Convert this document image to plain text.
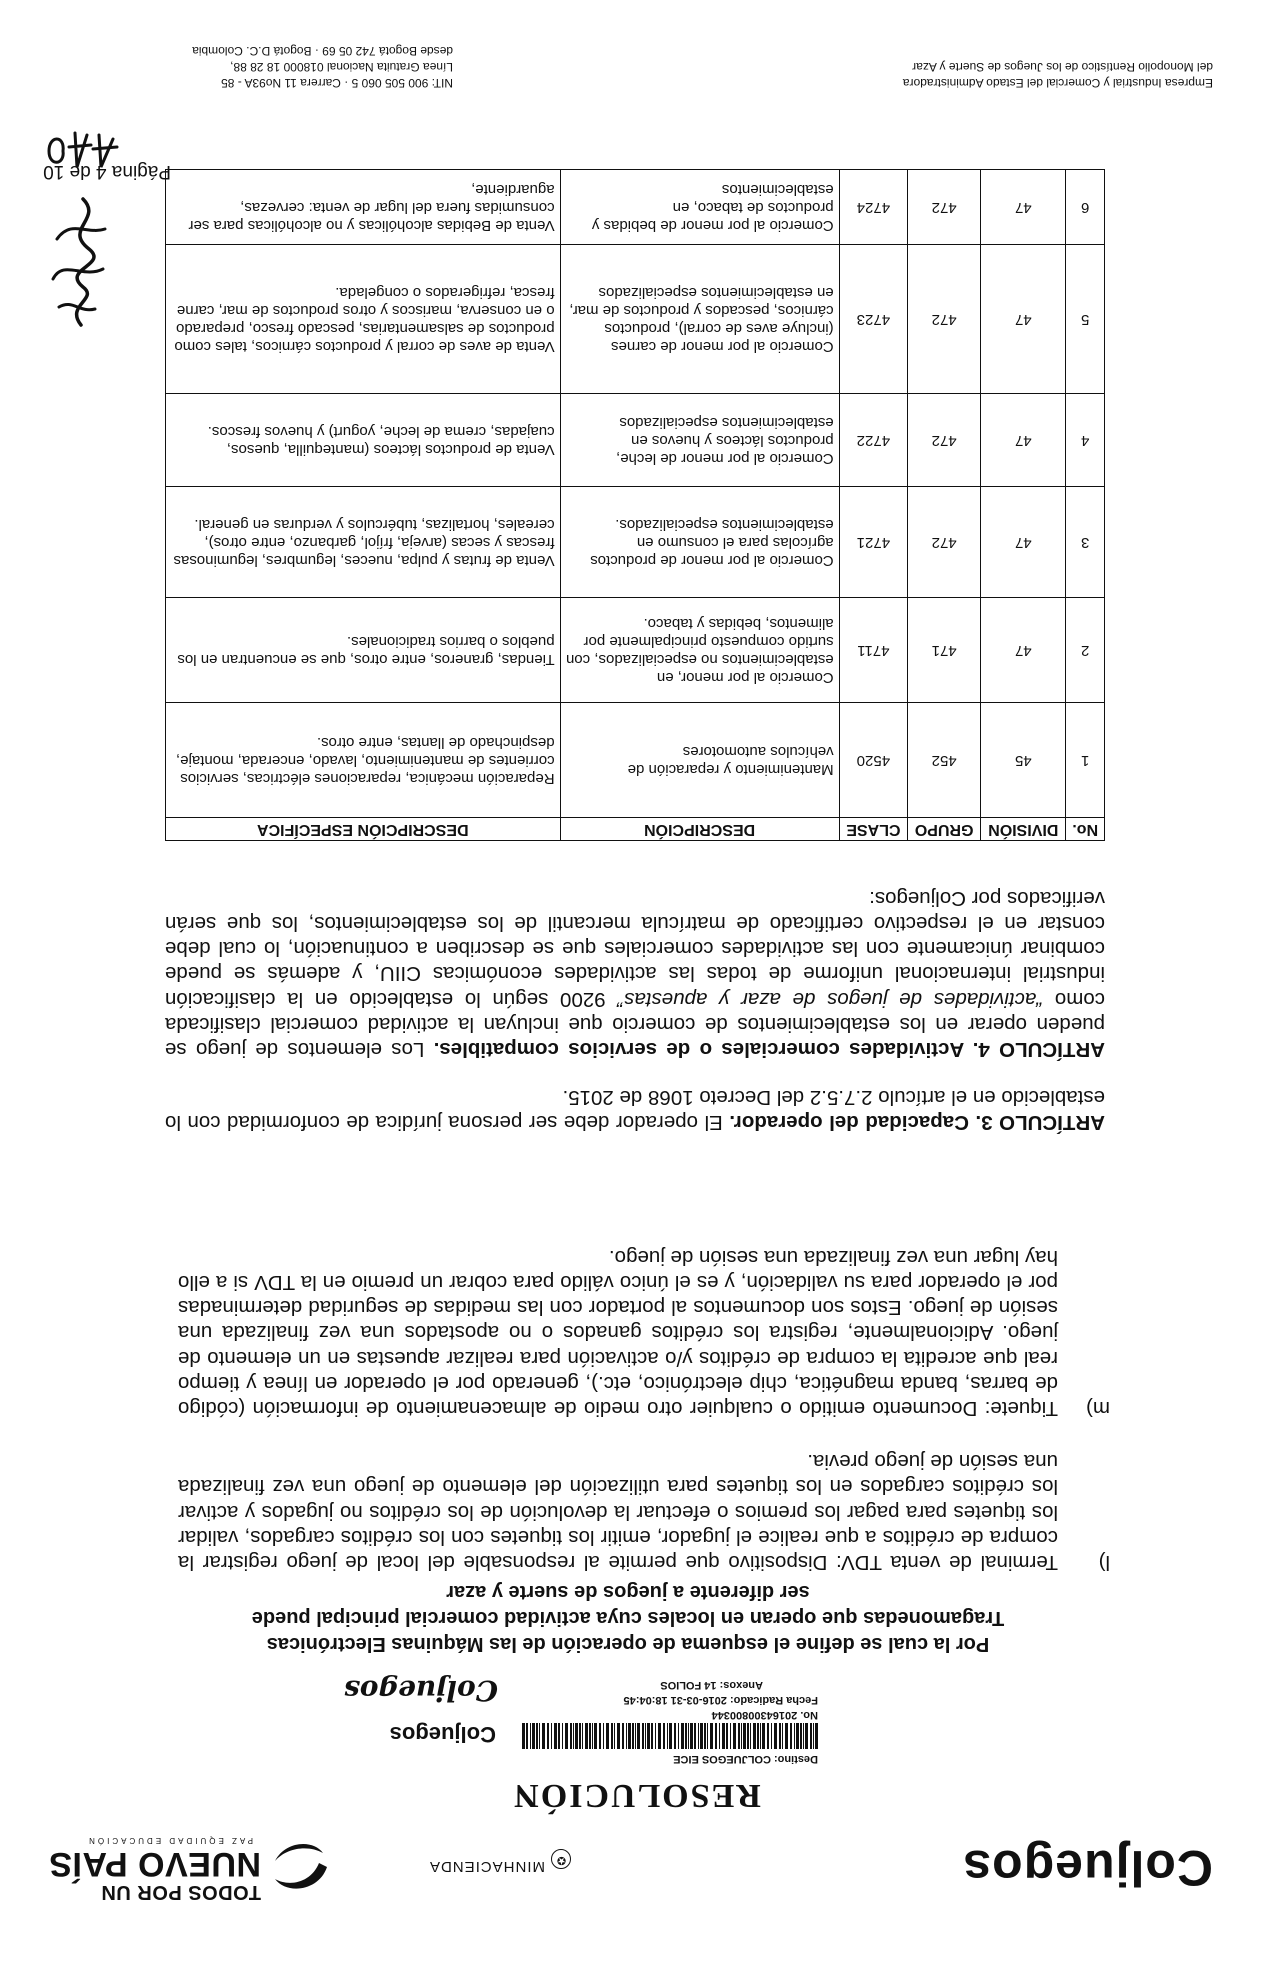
Coljuegos
✪MINHACIENDA
TODOS POR UN
NUEVO PAÍS
PAZ EQUIDAD EDUCACIÓN
RESOLUCIÓN
Destino: COLJUEGOS EICE
No. 20164300800344
Fecha Radicado: 2016-03-31 18:04:45
Anexos: 14 FOLIOS
Coljuegos
Coljuegos
Por la cual se define el esquema de operación de las Máquinas Electrónicas Tragamonedas que operan en locales cuya actividad comercial principal puede ser diferente a juegos de suerte y azar
l)
Terminal de venta TDV: Dispositivo que permite al responsable del local de juego registrar la compra de créditos a que realice el jugador, emitir los tiquetes con los créditos cargados, validar los tiquetes para pagar los premios o efectuar la devolución de los créditos no jugados y activar los créditos cargados en los tiquetes para utilización del elemento de juego una vez finalizada una sesión de juego previa.
m)
Tiquete: Documento emitido o cualquier otro medio de almacenamiento de información (código de barras, banda magnética, chip electrónico, etc.), generado por el operador en línea y tiempo real que acredita la compra de créditos y/o activación para realizar apuestas en un elemento de juego. Adicionalmente, registra los créditos ganados o no apostados una vez finalizada una sesión de juego. Estos son documentos al portador con las medidas de seguridad determinadas por el operador para su validación, y es el único válido para cobrar un premio en la TDV si a ello hay lugar una vez finalizada una sesión de juego.
ARTÍCULO 3. Capacidad del operador. El operador debe ser persona jurídica de conformidad con lo establecido en el artículo 2.7.5.2 del Decreto 1068 de 2015.
ARTÍCULO 4. Actividades comerciales o de servicios compatibles. Los elementos de juego se pueden operar en los establecimientos de comercio que incluyan la actividad comercial clasificada como “actividades de juegos de azar y apuestas” 9200 según lo establecido en la clasificación industrial internacional uniforme de todas las actividades económicas CIIU, y además se puede combinar únicamente con las actividades comerciales que se describen a continuación, lo cual debe constar en el respectivo certificado de matrícula mercantil de los establecimientos, los que serán verificados por Coljuegos:
No.	DIVISIÓN	GRUPO	CLASE	DESCRIPCIÓN	DESCRIPCIÓN ESPECÍFICA
1	45	452	4520	Mantenimiento y reparación de vehículos automotores	Reparación mecánica, reparaciones eléctricas, servicios corrientes de mantenimiento, lavado, encerada, montaje, despinchado de llantas, entre otros.
2	47	471	4711	Comercio al por menor, en establecimientos no especializados, con surtido compuesto principalmente por alimentos, bebidas y tabaco.	Tiendas, graneros, entre otros, que se encuentran en los pueblos o barrios tradicionales.
3	47	472	4721	Comercio al por menor de productos agrícolas para el consumo en establecimientos especializados.	Venta de frutas y pulpa, nueces, legumbres, leguminosas frescas y secas (arveja, fríjol, garbanzo, entre otros), cereales, hortalizas, tubérculos y verduras en general.
4	47	472	4722	Comercio al por menor de leche, productos lácteos y huevos en establecimientos especializados	Venta de productos lácteos (mantequilla, quesos, cuajadas, crema de leche, yogurt) y huevos frescos.
5	47	472	4723	Comercio al por menor de carnes (incluye aves de corral), productos cárnicos, pescados y productos de mar, en establecimientos especializados	Venta de aves de corral y productos cárnicos, tales como productos de salsamentarias, pescado fresco, preparado o en conserva, mariscos y otros productos de mar, carne fresca, refrigerados o congelada.
6	47	472	4724	Comercio al por menor de bebidas y productos de tabaco, en establecimientos	Venta de Bebidas alcohólicas y no alcohólicas para ser consumidas fuera del lugar de venta: cervezas, aguardiente,
Página 4 de 10
Empresa Industrial y Comercial del Estado Administradora
del Monopolio Rentístico de los Juegos de Suerte y Azar
NIT: 900 505 060 5 · Carrera 11 No93A - 85
Línea Gratuita Nacional 018000 18 28 88,
desde Bogotá 742 05 69 · Bogotá D.C. Colombia
